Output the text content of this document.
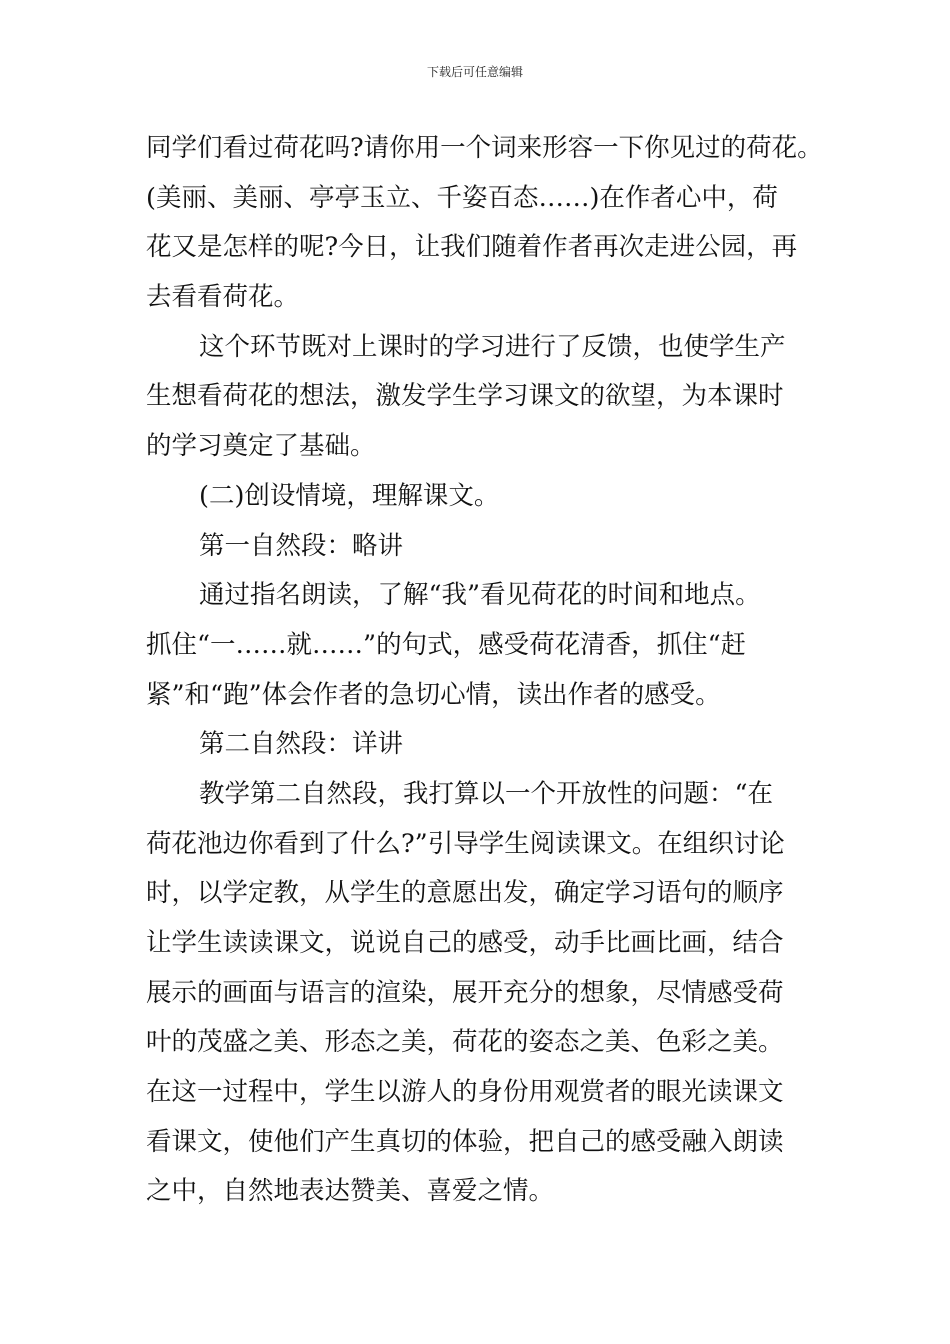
下载后可任意编辑
同学们看过荷花吗?请你用一个词来形容一下你见过的荷花。
(美丽、美丽、亭亭玉立、千姿百态……)在作者心中，荷
花又是怎样的呢?今日，让我们随着作者再次走进公园，再
去看看荷花。
这个环节既对上课时的学习进行了反馈，也使学生产
生想看荷花的想法，激发学生学习课文的欲望，为本课时
的学习奠定了基础。
(二)创设情境，理解课文。
第一自然段：略讲
通过指名朗读，了解“我”看见荷花的时间和地点。
抓住“一……就……”的句式，感受荷花清香，抓住“赶
紧”和“跑”体会作者的急切心情，读出作者的感受。
第二自然段：详讲
教学第二自然段，我打算以一个开放性的问题：“在
荷花池边你看到了什么?”引导学生阅读课文。在组织讨论
时，以学定教，从学生的意愿出发，确定学习语句的顺序
让学生读读课文，说说自己的感受，动手比画比画，结合
展示的画面与语言的渲染，展开充分的想象，尽情感受荷
叶的茂盛之美、形态之美，荷花的姿态之美、色彩之美。
在这一过程中，学生以游人的身份用观赏者的眼光读课文
看课文，使他们产生真切的体验，把自己的感受融入朗读
之中，自然地表达赞美、喜爱之情。
